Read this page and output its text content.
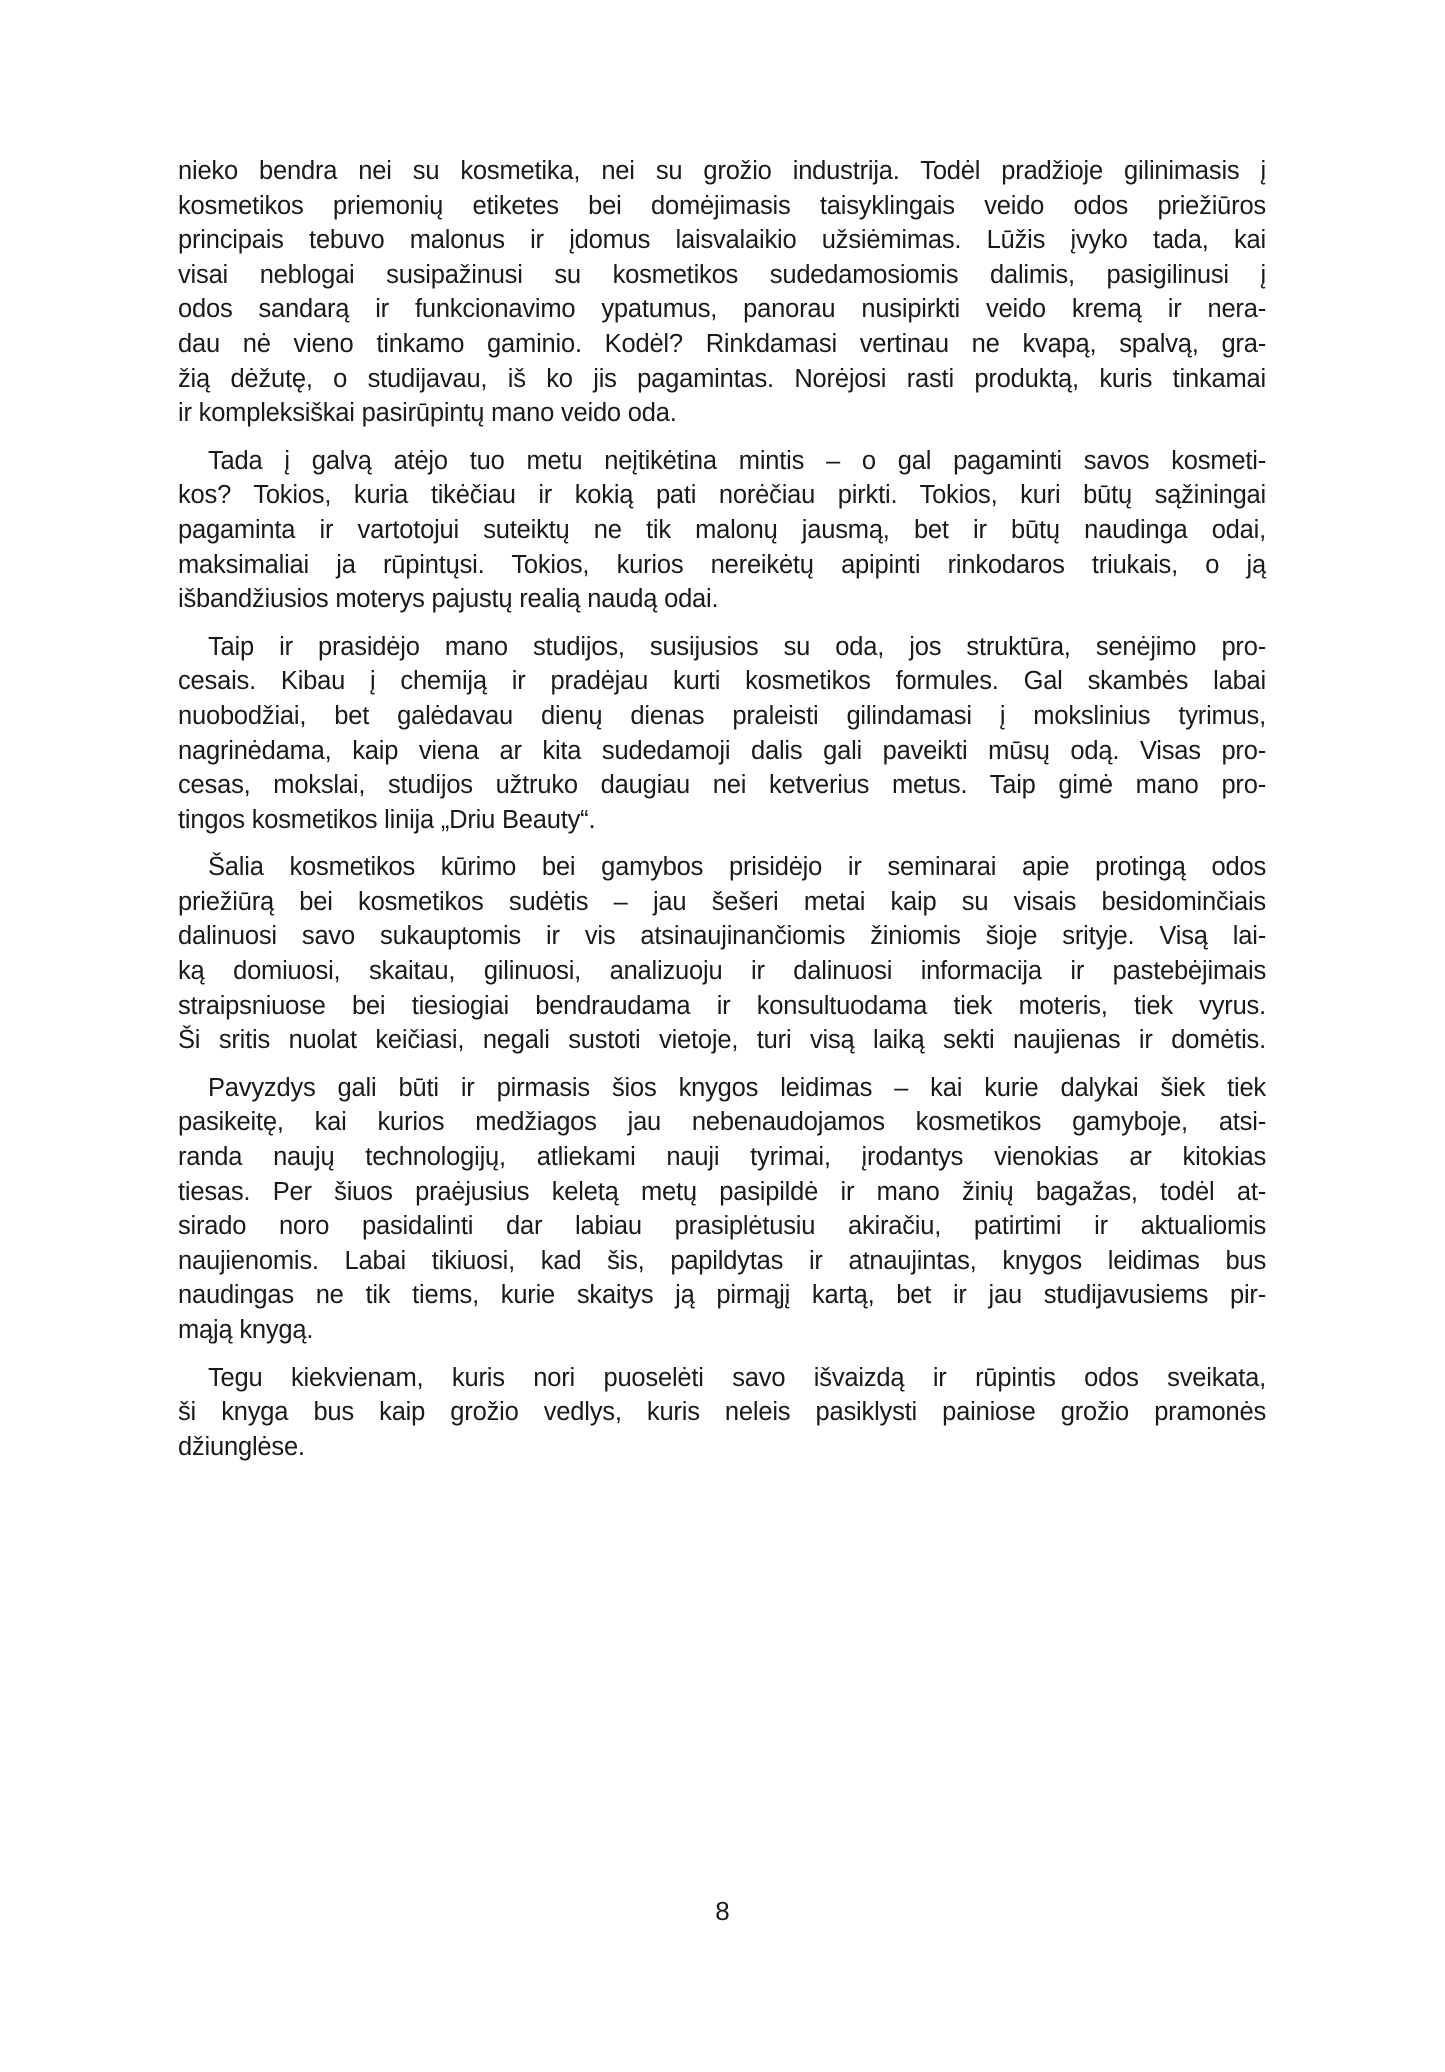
nieko bendra nei su kosmetika, nei su grožio industrija. Todėl pradžioje gilinimasis į
kosmetikos priemonių etiketes bei domėjimasis taisyklingais veido odos priežiūros
principais tebuvo malonus ir įdomus laisvalaikio užsiėmimas. Lūžis įvyko tada, kai
visai neblogai susipažinusi su kosmetikos sudedamosiomis dalimis, pasigilinusi į
odos sandarą ir funkcionavimo ypatumus, panorau nusipirkti veido kremą ir nera-
dau nė vieno tinkamo gaminio. Kodėl? Rinkdamasi vertinau ne kvapą, spalvą, gra-
žią dėžutę, o studijavau, iš ko jis pagamintas. Norėjosi rasti produktą, kuris tinkamai
ir kompleksiškai pasirūpintų mano veido oda.

Tada į galvą atėjo tuo metu neįtikėtina mintis – o gal pagaminti savos kosmeti-
kos? Tokios, kuria tikėčiau ir kokią pati norėčiau pirkti. Tokios, kuri būtų sąžiningai
pagaminta ir vartotojui suteiktų ne tik malonų jausmą, bet ir būtų naudinga odai,
maksimaliai ja rūpintųsi. Tokios, kurios nereikėtų apipinti rinkodaros triukais, o ją
išbandžiusios moterys pajustų realią naudą odai.

Taip ir prasidėjo mano studijos, susijusios su oda, jos struktūra, senėjimo pro-
cesais. Kibau į chemiją ir pradėjau kurti kosmetikos formules. Gal skambės labai
nuobodžiai, bet galėdavau dienų dienas praleisti gilindamasi į mokslinius tyrimus,
nagrinėdama, kaip viena ar kita sudedamoji dalis gali paveikti mūsų odą. Visas pro-
cesas, mokslai, studijos užtruko daugiau nei ketverius metus. Taip gimė mano pro-
tingos kosmetikos linija „Driu Beauty“.

Šalia kosmetikos kūrimo bei gamybos prisidėjo ir seminarai apie protingą odos
priežiūrą bei kosmetikos sudėtis – jau šešeri metai kaip su visais besidominčiais
dalinuosi savo sukauptomis ir vis atsinaujinančiomis žiniomis šioje srityje. Visą lai-
ką domiuosi, skaitau, gilinuosi, analizuoju ir dalinuosi informacija ir pastebėjimais
straipsniuose bei tiesiogiai bendraudama ir konsultuodama tiek moteris, tiek vyrus.
Ši sritis nuolat keičiasi, negali sustoti vietoje, turi visą laiką sekti naujienas ir domėtis.

Pavyzdys gali būti ir pirmasis šios knygos leidimas – kai kurie dalykai šiek tiek
pasikeitę, kai kurios medžiagos jau nebenaudojamos kosmetikos gamyboje, atsi-
randa naujų technologijų, atliekami nauji tyrimai, įrodantys vienokias ar kitokias
tiesas. Per šiuos praėjusius keletą metų pasipildė ir mano žinių bagažas, todėl at-
sirado noro pasidalinti dar labiau prasiplėtusiu akiračiu, patirtimi ir aktualiomis
naujienomis. Labai tikiuosi, kad šis, papildytas ir atnaujintas, knygos leidimas bus
naudingas ne tik tiems, kurie skaitys ją pirmąjį kartą, bet ir jau studijavusiems pir-
mąją knygą.

Tegu kiekvienam, kuris nori puoselėti savo išvaizdą ir rūpintis odos sveikata,
ši knyga bus kaip grožio vedlys, kuris neleis pasiklysti painiose grožio pramonės
džiunglėse.

8
